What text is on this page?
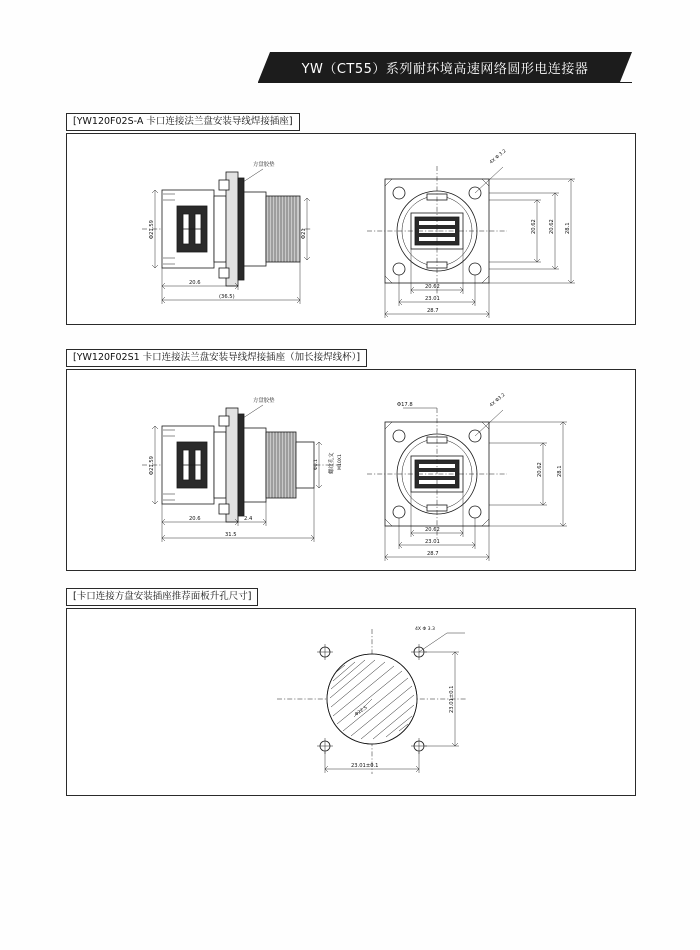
YW（CT55）系列耐环境高速网络圆形电连接器
[YW120F02S-A 卡口连接法兰盘安装导线焊接插座]
方盘胶垫
Φ21.59	Φ21
20.6
(36.5)
4X Φ 3.2
20.62 20.62 28.1
20.62
23.01
28.7
[YW120F02S1 卡口连接法兰盘安装导线焊接插座（加长接焊线杯）]
方盘胶垫
Φ21.59	Φ0.1	螺纹孔文 M10X1
20.6	2.4
31.5
Φ17.8	4X Φ3.2
20.62	28.1
20.62
23.01
28.7
[卡口连接方盘安装插座推荐面板升孔尺寸]
4X Φ 3.3
Φ22.5	23.01±0.1
23.01±0.1
